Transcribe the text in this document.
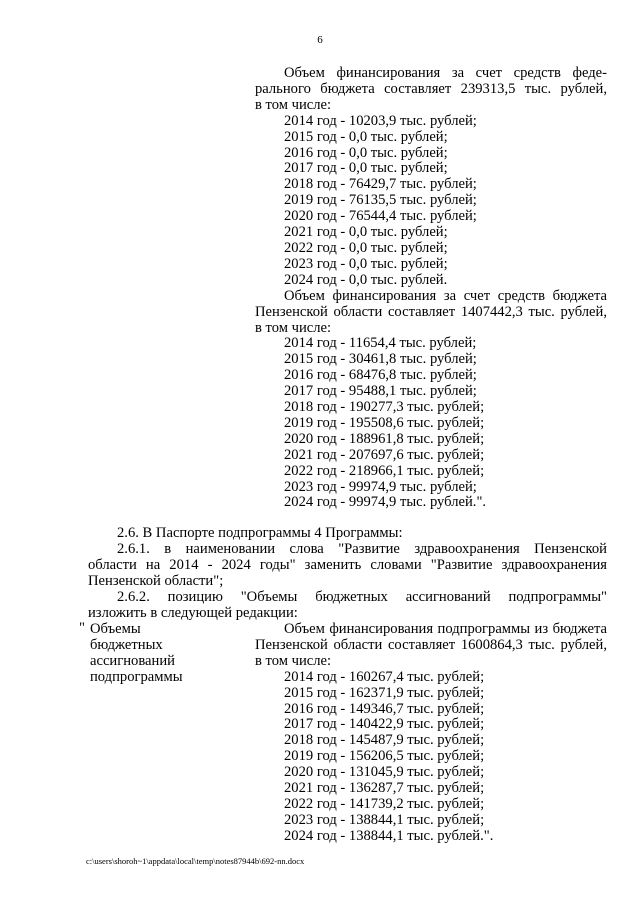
6

Объем финансирования за счет средств феде-

рального бюджета составляет 239313,5 тыс. рублей,

в том числе:

2014 год - 10203,9 тыс. рублей;
2015 год - 0,0 тыс. рублей;
2016 год - 0,0 тыс. рублей;
2017 год - 0,0 тыс. рублей;
2018 год - 76429,7 тыс. рублей;
2019 год - 76135,5 тыс. рублей;
2020 год - 76544,4 тыс. рублей;
2021 год - 0,0 тыс. рублей;
2022 год - 0,0 тыс. рублей;
2023 год - 0,0 тыс. рублей;
2024 год - 0,0 тыс. рублей.

Объем финансирования за счет средств бюджета

Пензенской области составляет 1407442,3 тыс. рублей,

в том числе:

2014 год - 11654,4 тыс. рублей;
2015 год - 30461,8 тыс. рублей;
2016 год - 68476,8 тыс. рублей;
2017 год - 95488,1 тыс. рублей;
2018 год - 190277,3 тыс. рублей;
2019 год - 195508,6 тыс. рублей;
2020 год - 188961,8 тыс. рублей;
2021 год - 207697,6 тыс. рублей;
2022 год - 218966,1 тыс. рублей;
2023 год - 99974,9 тыс. рублей;
2024 год - 99974,9 тыс. рублей.".

2.6. В Паспорте подпрограммы 4 Программы:

2.6.1. в наименовании слова "Развитие здравоохранения Пензенской

области на 2014 - 2024 годы" заменить словами "Развитие здравоохранения

Пензенской области";

2.6.2. позицию "Объемы бюджетных ассигнований подпрограммы"

изложить в следующей редакции:

" Объемы
бюджетных
ассигнований
подпрограммы

Объем финансирования подпрограммы из бюджета

Пензенской области составляет 1600864,3 тыс. рублей,

в том числе:

2014 год - 160267,4 тыс. рублей;
2015 год - 162371,9 тыс. рублей;
2016 год - 149346,7 тыс. рублей;
2017 год - 140422,9 тыс. рублей;
2018 год - 145487,9 тыс. рублей;
2019 год - 156206,5 тыс. рублей;
2020 год - 131045,9 тыс. рублей;
2021 год - 136287,7 тыс. рублей;
2022 год - 141739,2 тыс. рублей;
2023 год - 138844,1 тыс. рублей;
2024 год - 138844,1 тыс. рублей.".
c:\users\shoroh~1\appdata\local\temp\notes87944b\692-nn.docx
